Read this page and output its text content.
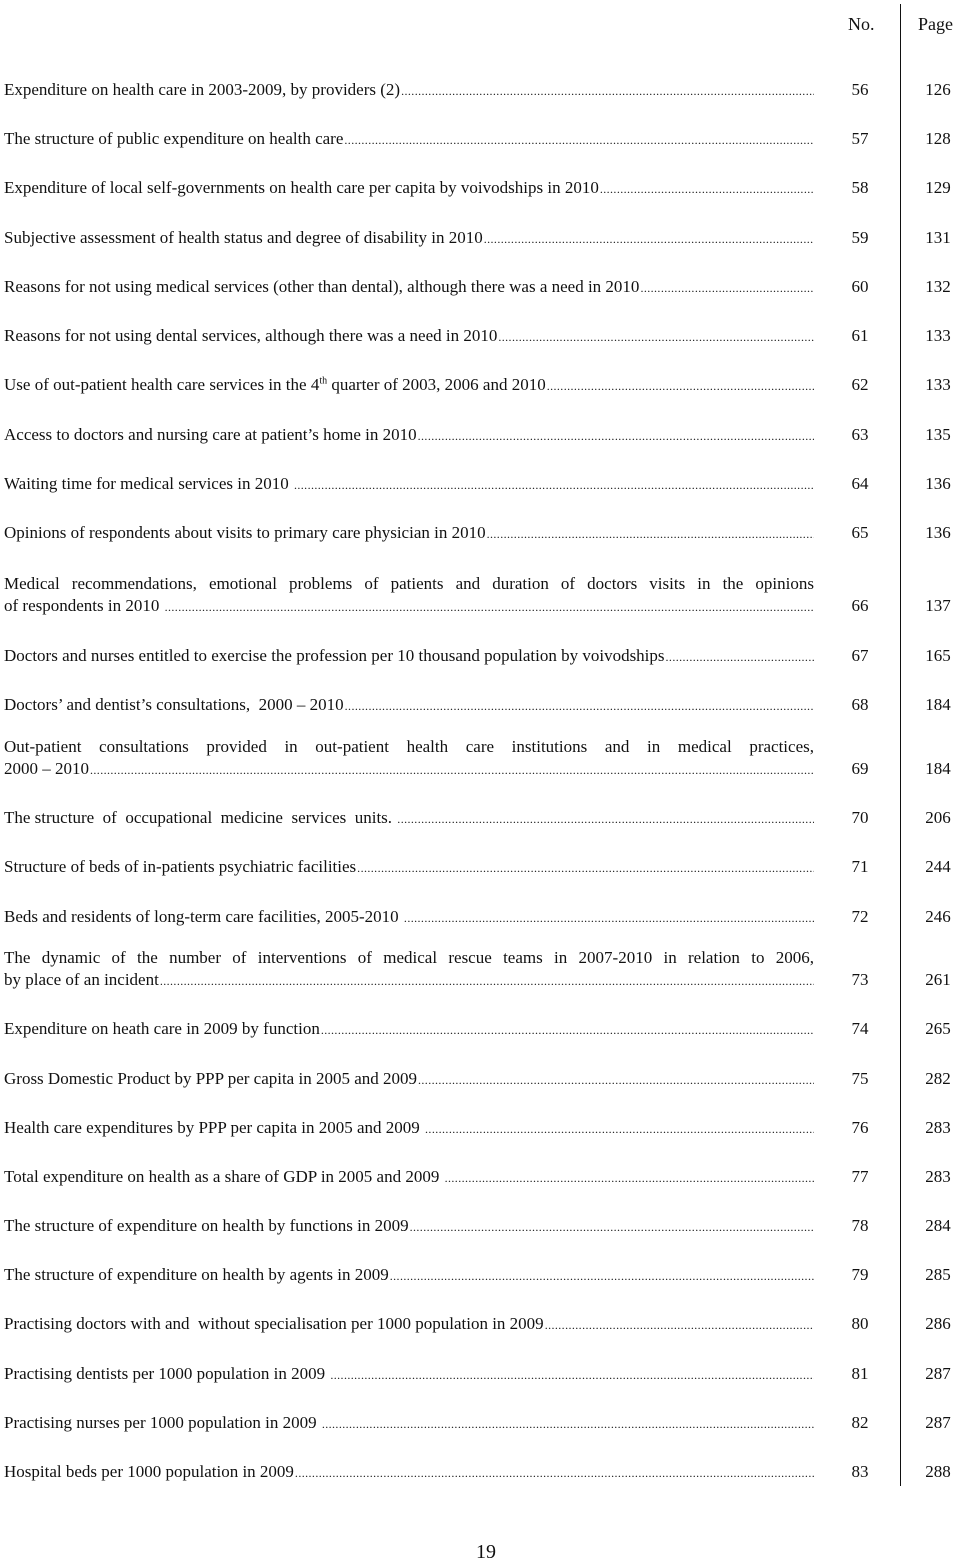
No. Page
Expenditure on health care in 2003-2009, by providers (2) .....	56	126
The structure of public expenditure on health care .....	57	128
Expenditure of local self-governments on health care per capita by voivodships in 2010 .....	58	129
Subjective assessment of health status and degree of disability in 2010 .....	59	131
Reasons for not using medical services (other than dental), although there was a need in 2010 .....	60	132
Reasons for not using dental services, although there was a need in 2010 .....	61	133
Use of out-patient health care services in the 4th quarter of 2003, 2006 and 2010 .....	62	133
Access to doctors and nursing care at patient’s home in 2010 .....	63	135
Waiting time for medical services in 2010 .....	64	136
Opinions of respondents about visits to primary care physician in 2010 .....	65	136
Medical recommendations, emotional problems of patients and duration of doctors visits in the opinions
of respondents in 2010 .....	66	137
Doctors and nurses entitled to exercise the profession per 10 thousand population by voivodships .....	67	165
Doctors’ and dentist’s consultations,  2000 – 2010 .....	68	184
Out-patient consultations provided in out-patient health care institutions and in medical practices,
2000 – 2010 .....	69	184
The structure  of  occupational  medicine  services  units. .....	70	206
Structure of beds of in-patients psychiatric facilities .....	71	244
Beds and residents of long-term care facilities, 2005-2010 .....	72	246
The dynamic of the number of interventions of medical rescue teams in 2007-2010 in relation to 2006,
by place of an incident .....	73	261
Expenditure on heath care in 2009 by function .....	74	265
Gross Domestic Product by PPP per capita in 2005 and 2009 .....	75	282
Health care expenditures by PPP per capita in 2005 and 2009 .....	76	283
Total expenditure on health as a share of GDP in 2005 and 2009 .....	77	283
The structure of expenditure on health by functions in 2009 .....	78	284
The structure of expenditure on health by agents in 2009 .....	79	285
Practising doctors with and  without specialisation per 1000 population in 2009 .....	80	286
Practising dentists per 1000 population in 2009 .....	81	287
Practising nurses per 1000 population in 2009 .....	82	287
Hospital beds per 1000 population in 2009 .....	83	288
19
